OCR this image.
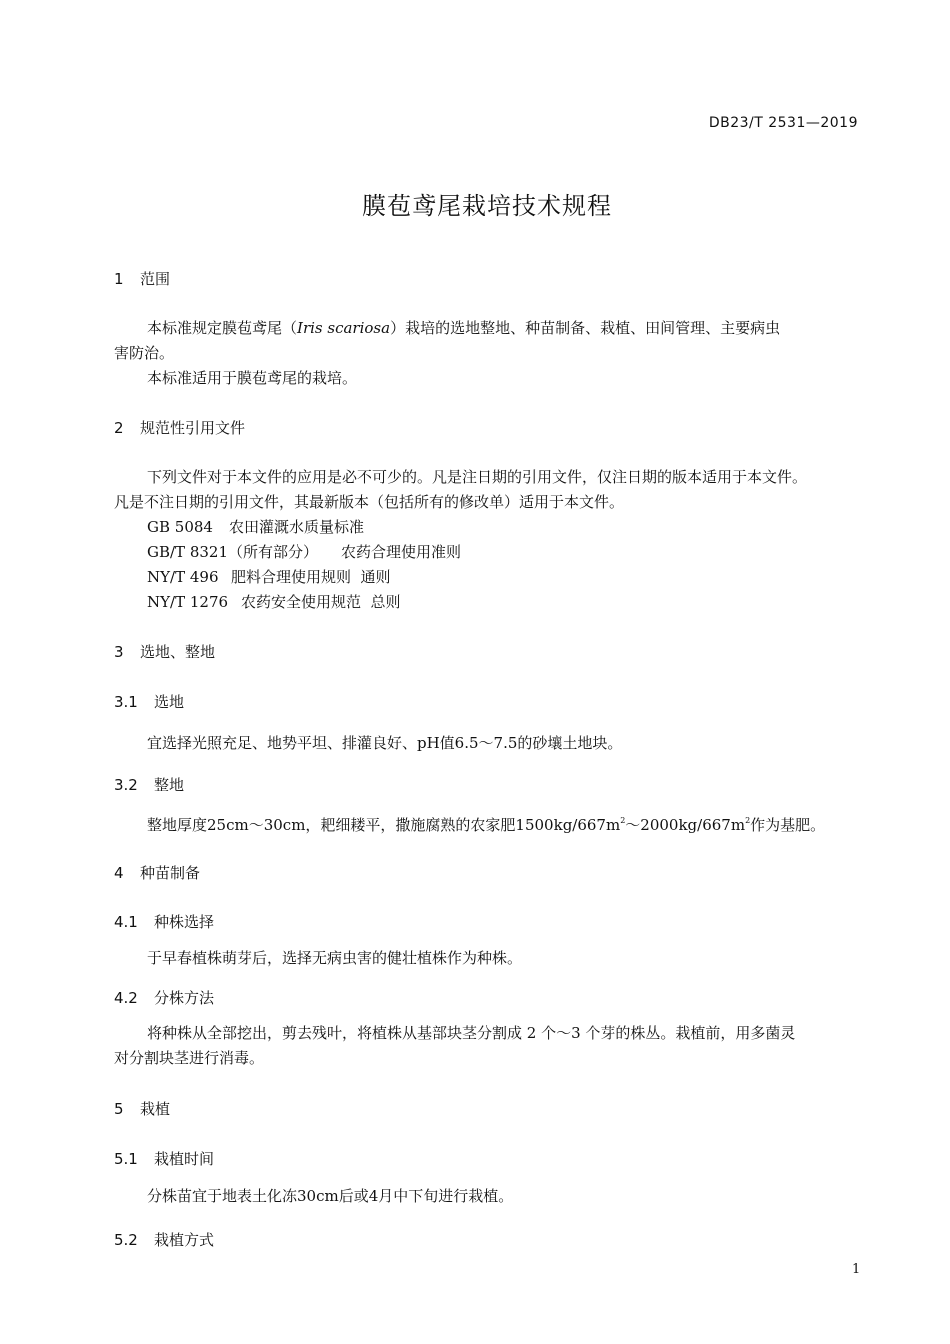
DB23/T 2531—2019
膜苞鸢尾栽培技术规程
1 范围
本标准规定膜苞鸢尾（Iris scariosa）栽培的选地整地、种苗制备、栽植、田间管理、主要病虫
害防治。
本标准适用于膜苞鸢尾的栽培。
2 规范性引用文件
下列文件对于本文件的应用是必不可少的。凡是注日期的引用文件，仅注日期的版本适用于本文件。
凡是不注日期的引用文件，其最新版本（包括所有的修改单）适用于本文件。
GB 5084 农田灌溉水质量标准
GB/T 8321（所有部分） 农药合理使用准则
NY/T 496 肥料合理使用规则  通则
NY/T 1276 农药安全使用规范  总则
3 选地、整地
3.1 选地
宜选择光照充足、地势平坦、排灌良好、pH值6.5～7.5的砂壤土地块。
3.2 整地
整地厚度25cm～30cm，耙细耧平，撒施腐熟的农家肥$1500kg/667m^2\sim 2000kg/667m^2$作为基肥。
4 种苗制备
4.1 种株选择
于早春植株萌芽后，选择无病虫害的健壮植株作为种株。
4.2 分株方法
将种株从全部挖出，剪去残叶，将植株从基部块茎分割成 2 个～3 个芽的株丛。栽植前，用多菌灵
对分割块茎进行消毒。
5 栽植
5.1 栽植时间
分株苗宜于地表土化冻30cm后或4月中下旬进行栽植。
5.2 栽植方式
1
